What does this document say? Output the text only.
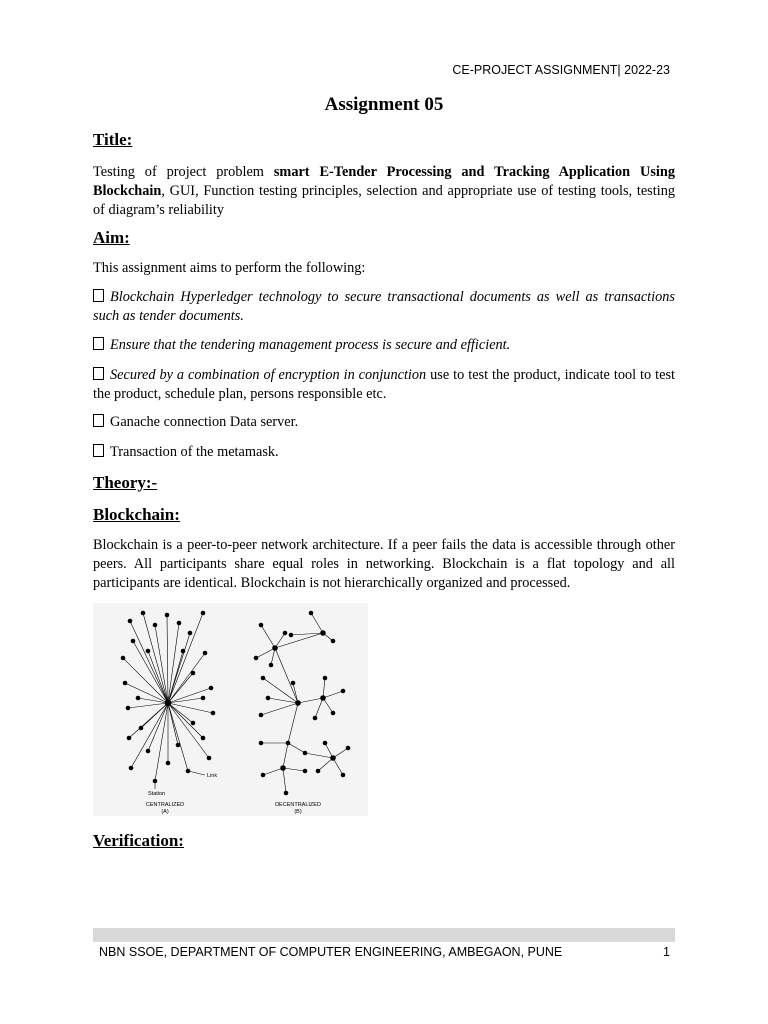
CE-PROJECT ASSIGNMENT| 2022-23
Assignment 05
Title:
Testing of project problem smart E-Tender Processing and Tracking Application Using Blockchain, GUI, Function testing principles, selection and appropriate use of testing tools, testing of diagram’s reliability
Aim:
This assignment aims to perform the following:
Blockchain Hyperledger technology to secure transactional documents as well as transactions such as tender documents.
Ensure that the tendering management process is secure and efficient.
Secured by a combination of encryption in conjunction use to test the product, indicate tool to test the product, schedule plan, persons responsible etc.
Ganache connection Data server.
Transaction of the metamask.
Theory:-
Blockchain:
Blockchain is a peer-to-peer network architecture. If a peer fails the data is accessible through other peers. All participants share equal roles in networking. Blockchain is a flat topology and all participants are identical. Blockchain is not hierarchically organized and processed.
Link
Station
CENTRALIZED
(A)
DECENTRALIZED
(B)
Verification:
NBN SSOE, DEPARTMENT OF COMPUTER ENGINEERING, AMBEGAON, PUNE	1
